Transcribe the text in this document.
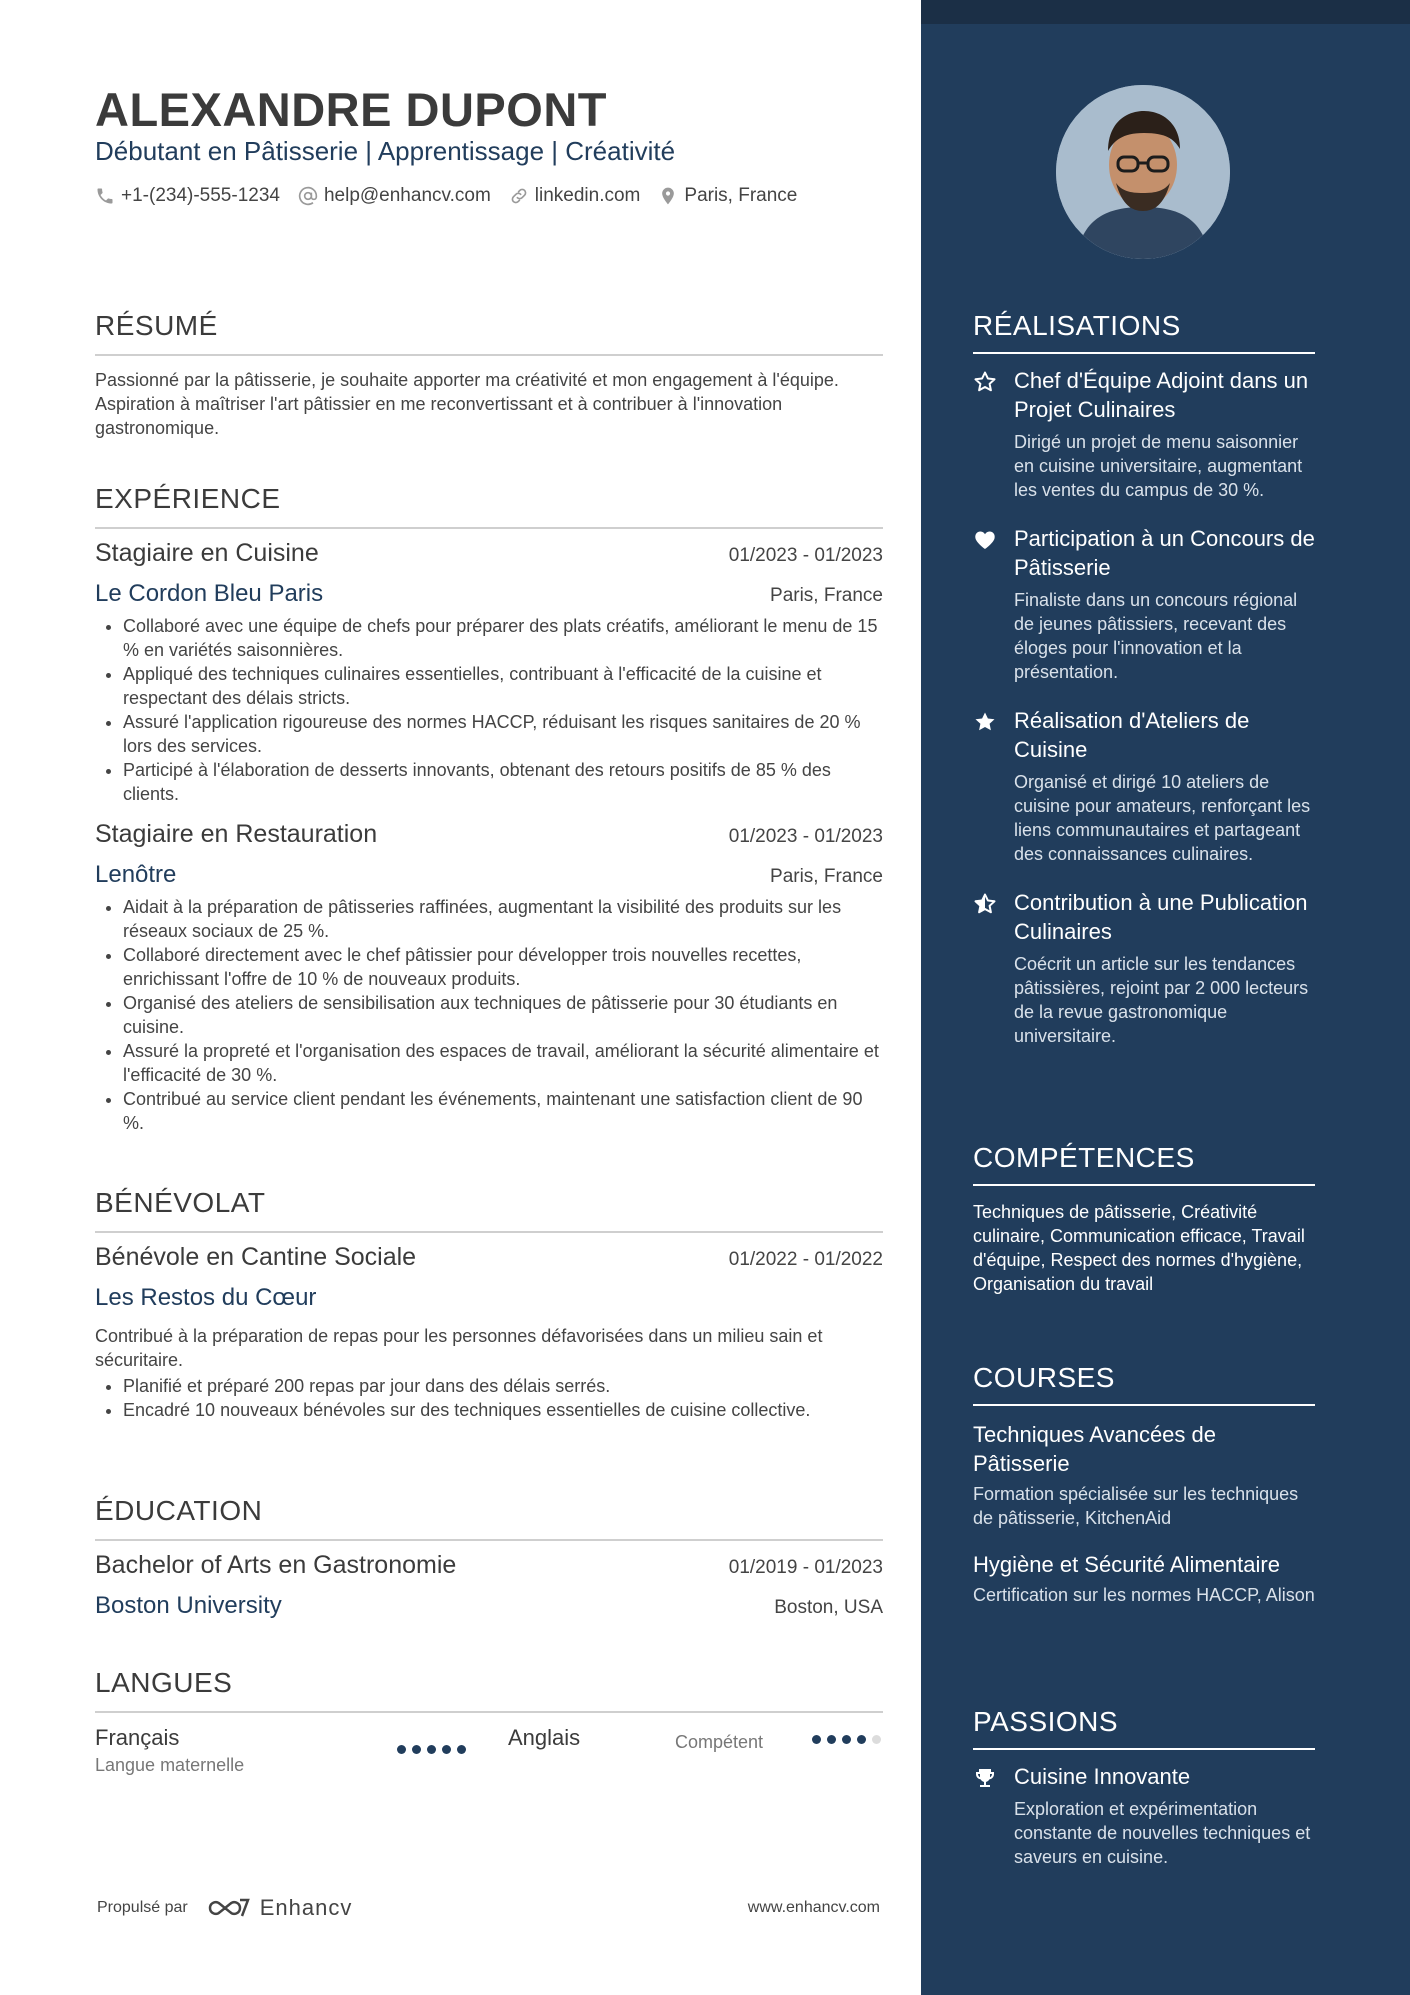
ALEXANDRE DUPONT
Débutant en Pâtisserie | Apprentissage | Créativité
+1-(234)-555-1234 help@enhancv.com linkedin.com Paris, France
RÉSUMÉ
Passionné par la pâtisserie, je souhaite apporter ma créativité et mon engagement à l'équipe. Aspiration à maîtriser l'art pâtissier en me reconvertissant et à contribuer à l'innovation gastronomique.
EXPÉRIENCE
Stagiaire en Cuisine	01/2023 - 01/2023
Le Cordon Bleu Paris	Paris, France
• Collaboré avec une équipe de chefs pour préparer des plats créatifs, améliorant le menu de 15 % en variétés saisonnières.
• Appliqué des techniques culinaires essentielles, contribuant à l'efficacité de la cuisine et respectant des délais stricts.
• Assuré l'application rigoureuse des normes HACCP, réduisant les risques sanitaires de 20 % lors des services.
• Participé à l'élaboration de desserts innovants, obtenant des retours positifs de 85 % des clients.
Stagiaire en Restauration	01/2023 - 01/2023
Lenôtre	Paris, France
• Aidait à la préparation de pâtisseries raffinées, augmentant la visibilité des produits sur les réseaux sociaux de 25 %.
• Collaboré directement avec le chef pâtissier pour développer trois nouvelles recettes, enrichissant l'offre de 10 % de nouveaux produits.
• Organisé des ateliers de sensibilisation aux techniques de pâtisserie pour 30 étudiants en cuisine.
• Assuré la propreté et l'organisation des espaces de travail, améliorant la sécurité alimentaire et l'efficacité de 30 %.
• Contribué au service client pendant les événements, maintenant une satisfaction client de 90 %.
BÉNÉVOLAT
Bénévole en Cantine Sociale	01/2022 - 01/2022
Les Restos du Cœur
Contribué à la préparation de repas pour les personnes défavorisées dans un milieu sain et sécuritaire.
• Planifié et préparé 200 repas par jour dans des délais serrés.
• Encadré 10 nouveaux bénévoles sur des techniques essentielles de cuisine collective.
ÉDUCATION
Bachelor of Arts en Gastronomie	01/2019 - 01/2023
Boston University	Boston, USA
LANGUES
Français
Langue maternelle
Anglais	Compétent
Propulsé par	Enhancv	www.enhancv.com
RÉALISATIONS
Chef d'Équipe Adjoint dans un Projet Culinaires
Dirigé un projet de menu saisonnier en cuisine universitaire, augmentant les ventes du campus de 30 %.
Participation à un Concours de Pâtisserie
Finaliste dans un concours régional de jeunes pâtissiers, recevant des éloges pour l'innovation et la présentation.
Réalisation d'Ateliers de Cuisine
Organisé et dirigé 10 ateliers de cuisine pour amateurs, renforçant les liens communautaires et partageant des connaissances culinaires.
Contribution à une Publication Culinaires
Coécrit un article sur les tendances pâtissières, rejoint par 2 000 lecteurs de la revue gastronomique universitaire.
COMPÉTENCES
Techniques de pâtisserie, Créativité culinaire, Communication efficace, Travail d'équipe, Respect des normes d'hygiène, Organisation du travail
COURSES
Techniques Avancées de Pâtisserie
Formation spécialisée sur les techniques de pâtisserie, KitchenAid
Hygiène et Sécurité Alimentaire
Certification sur les normes HACCP, Alison
PASSIONS
Cuisine Innovante
Exploration et expérimentation constante de nouvelles techniques et saveurs en cuisine.
